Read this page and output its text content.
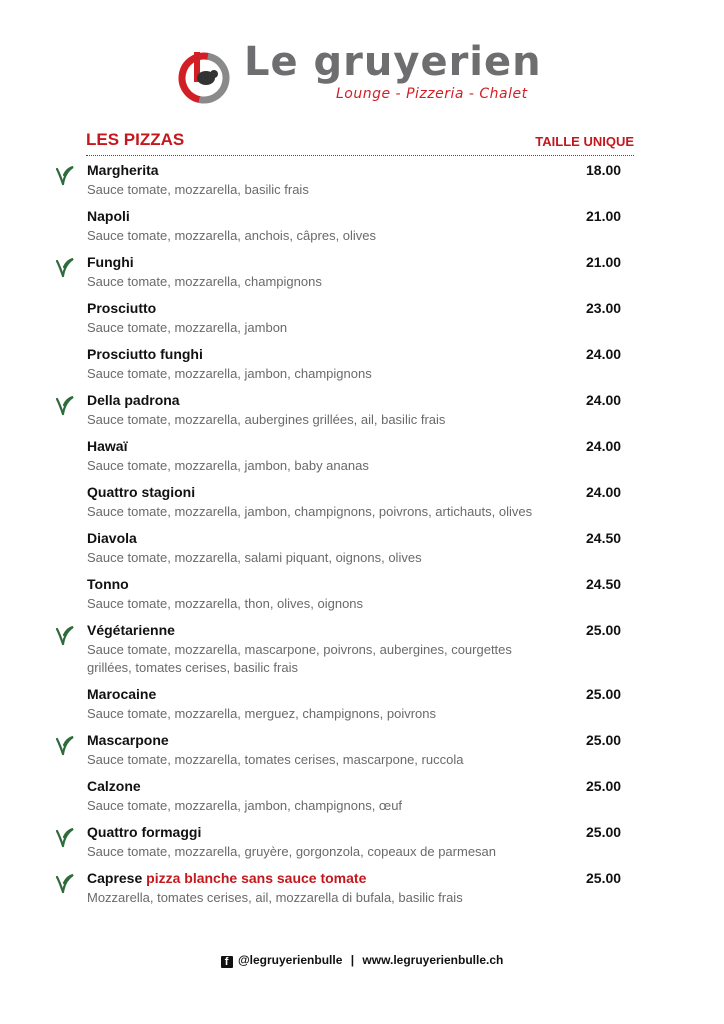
Le gruyerien
Lounge - Pizzeria - Chalet
LES PIZZAS	TAILLE UNIQUE
Margherita
Sauce tomate, mozzarella, basilic frais
18.00
Napoli
Sauce tomate, mozzarella, anchois, câpres, olives
21.00
Funghi
Sauce tomate, mozzarella, champignons
21.00
Prosciutto
Sauce tomate, mozzarella, jambon
23.00
Prosciutto funghi
Sauce tomate, mozzarella, jambon, champignons
24.00
Della padrona
Sauce tomate, mozzarella, aubergines grillées, ail, basilic frais
24.00
Hawaï
Sauce tomate, mozzarella, jambon, baby ananas
24.00
Quattro stagioni
Sauce tomate, mozzarella, jambon, champignons, poivrons, artichauts, olives
24.00
Diavola
Sauce tomate, mozzarella, salami piquant, oignons, olives
24.50
Tonno
Sauce tomate, mozzarella, thon, olives, oignons
24.50
Végétarienne
Sauce tomate, mozzarella, mascarpone, poivrons, aubergines, courgettes grillées, tomates cerises, basilic frais
25.00
Marocaine
Sauce tomate, mozzarella, merguez, champignons, poivrons
25.00
Mascarpone
Sauce tomate, mozzarella, tomates cerises, mascarpone, ruccola
25.00
Calzone
Sauce tomate, mozzarella, jambon, champignons, œuf
25.00
Quattro formaggi
Sauce tomate, mozzarella, gruyère, gorgonzola, copeaux de parmesan
25.00
Caprese pizza blanche sans sauce tomate
Mozzarella, tomates cerises, ail, mozzarella di bufala, basilic frais
25.00
f @legruyerienbulle | www.legruyerienbulle.ch
